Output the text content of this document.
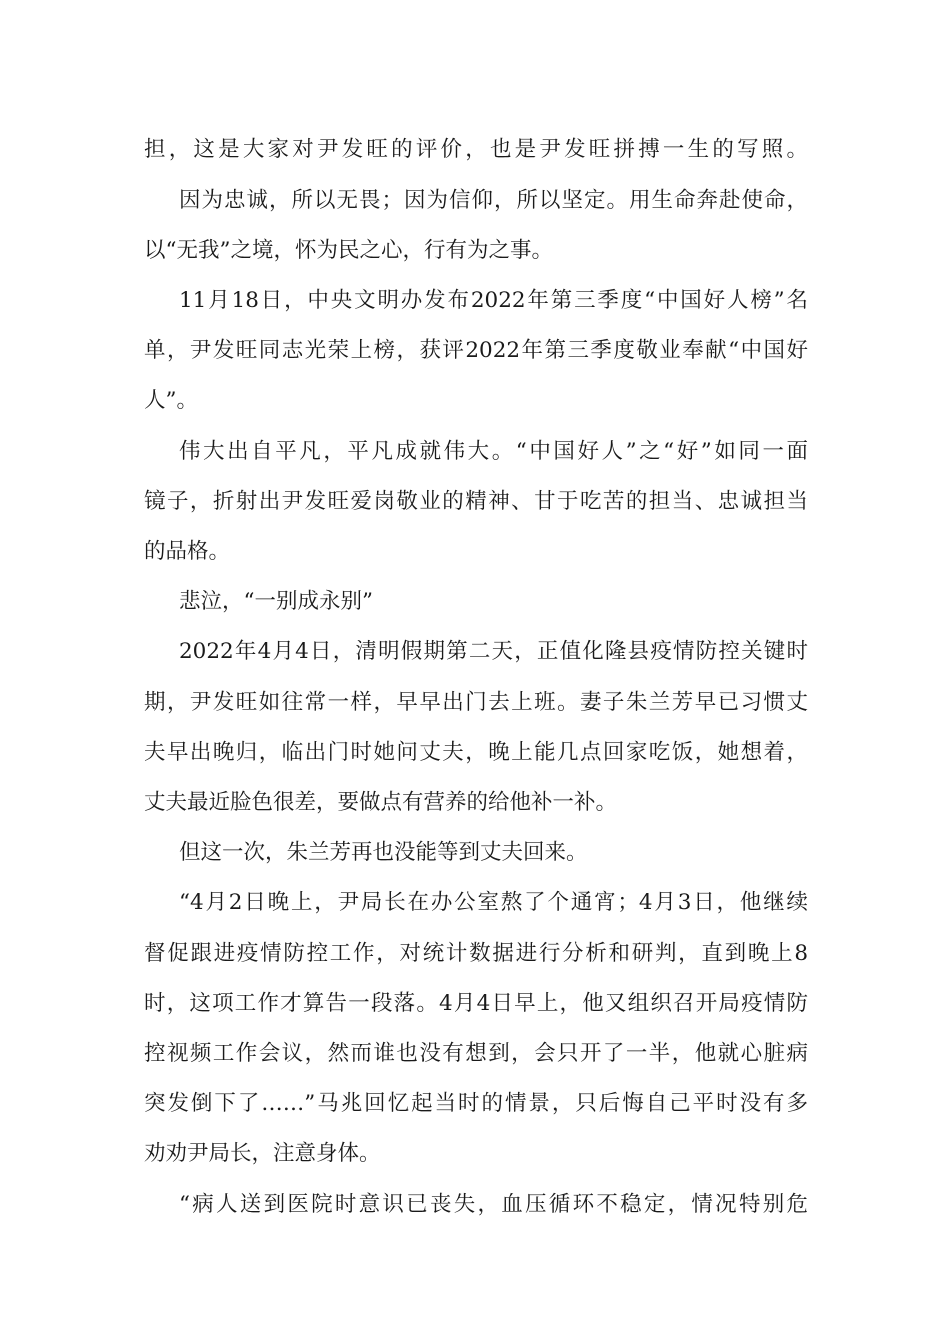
担，这是大家对尹发旺的评价，也是尹发旺拼搏一生的写照。
因为忠诚，所以无畏；因为信仰，所以坚定。用生命奔赴使命，
以“无我”之境，怀为民之心，行有为之事。
11月18日，中央文明办发布2022年第三季度“中国好人榜”名
单，尹发旺同志光荣上榜，获评2022年第三季度敬业奉献“中国好
人”。
伟大出自平凡，平凡成就伟大。“中国好人”之“好”如同一面
镜子，折射出尹发旺爱岗敬业的精神、甘于吃苦的担当、忠诚担当
的品格。
悲泣，“一别成永别”
2022年4月4日，清明假期第二天，正值化隆县疫情防控关键时
期，尹发旺如往常一样，早早出门去上班。妻子朱兰芳早已习惯丈
夫早出晚归，临出门时她问丈夫，晚上能几点回家吃饭，她想着，
丈夫最近脸色很差，要做点有营养的给他补一补。
但这一次，朱兰芳再也没能等到丈夫回来。
“4月2日晚上，尹局长在办公室熬了个通宵；4月3日，他继续
督促跟进疫情防控工作，对统计数据进行分析和研判，直到晚上8
时，这项工作才算告一段落。4月4日早上，他又组织召开局疫情防
控视频工作会议，然而谁也没有想到，会只开了一半，他就心脏病
突发倒下了……”马兆回忆起当时的情景，只后悔自己平时没有多
劝劝尹局长，注意身体。
“病人送到医院时意识已丧失，血压循环不稳定，情况特别危
